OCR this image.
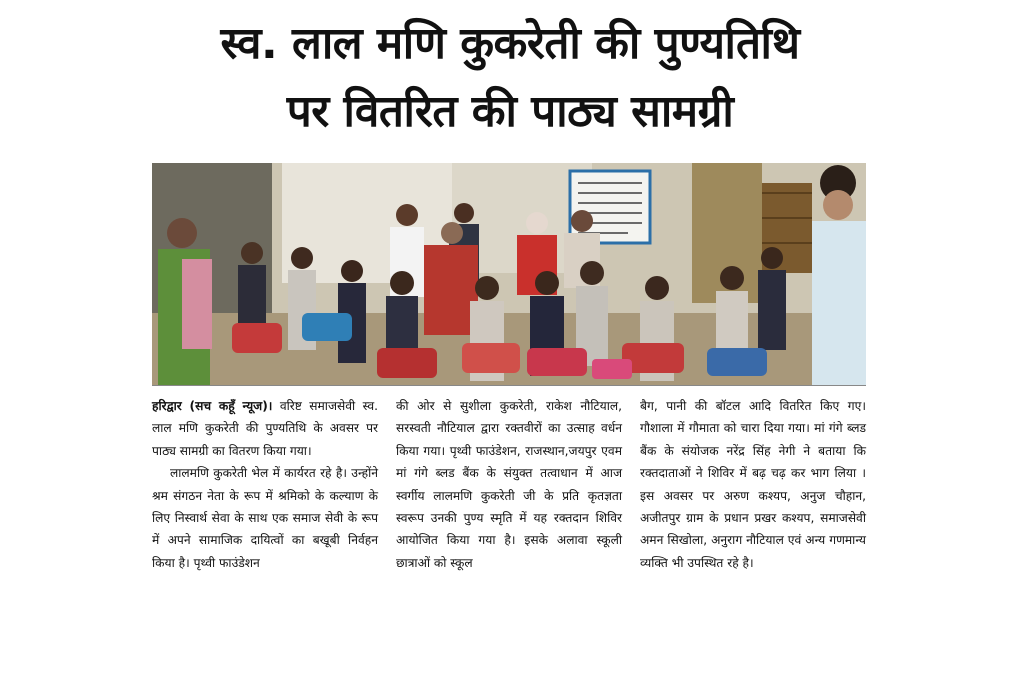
स्व. लाल मणि कुकरेती की पुण्यतिथि
पर वितरित की पाठ्य सामग्री

हरिद्वार (सच कहूँ न्यूज)। वरिष्ट समाजसेवी स्व. लाल मणि कुकरेती की पुण्यतिथि के अवसर पर पाठ्य सामग्री का वितरण किया गया।

लालमणि कुकरेती भेल में कार्यरत रहे है। उन्होंने श्रम संगठन नेता के रूप में श्रमिको के कल्याण के लिए निस्वार्थ सेवा के साथ एक समाज सेवी के रूप में अपने सामाजिक दायित्वों का बखूबी निर्वहन किया है। पृथ्वी फाउंडेशन

की ओर से सुशीला कुकरेती, राकेश नौटियाल, सरस्वती नौटियाल द्वारा रक्तवीरों का उत्साह वर्धन किया गया। पृथ्वी फाउंडेशन, राजस्थान,जयपुर एवम मां गंगे ब्लड बैंक के संयुक्त तत्वाधान में आज स्वर्गीय लालमणि कुकरेती जी के प्रति कृतज्ञता स्वरूप उनकी पुण्य स्मृति में यह रक्तदान शिविर आयोजित किया गया है। इसके अलावा स्कूली छात्राओं को स्कूल

बैग, पानी की बॉटल आदि वितरित किए गए। गौशाला में गौमाता को चारा दिया गया। मां गंगे ब्लड बैंक के संयोजक नरेंद्र सिंह नेगी ने बताया कि रक्तदाताओं ने शिविर में बढ़ चढ़ कर भाग लिया । इस अवसर पर अरुण कश्यप, अनुज चौहान, अजीतपुर ग्राम के प्रधान प्रखर कश्यप, समाजसेवी अमन सिखोला, अनुराग नौटियाल एवं अन्य गणमान्य व्यक्ति भी उपस्थित रहे है।
